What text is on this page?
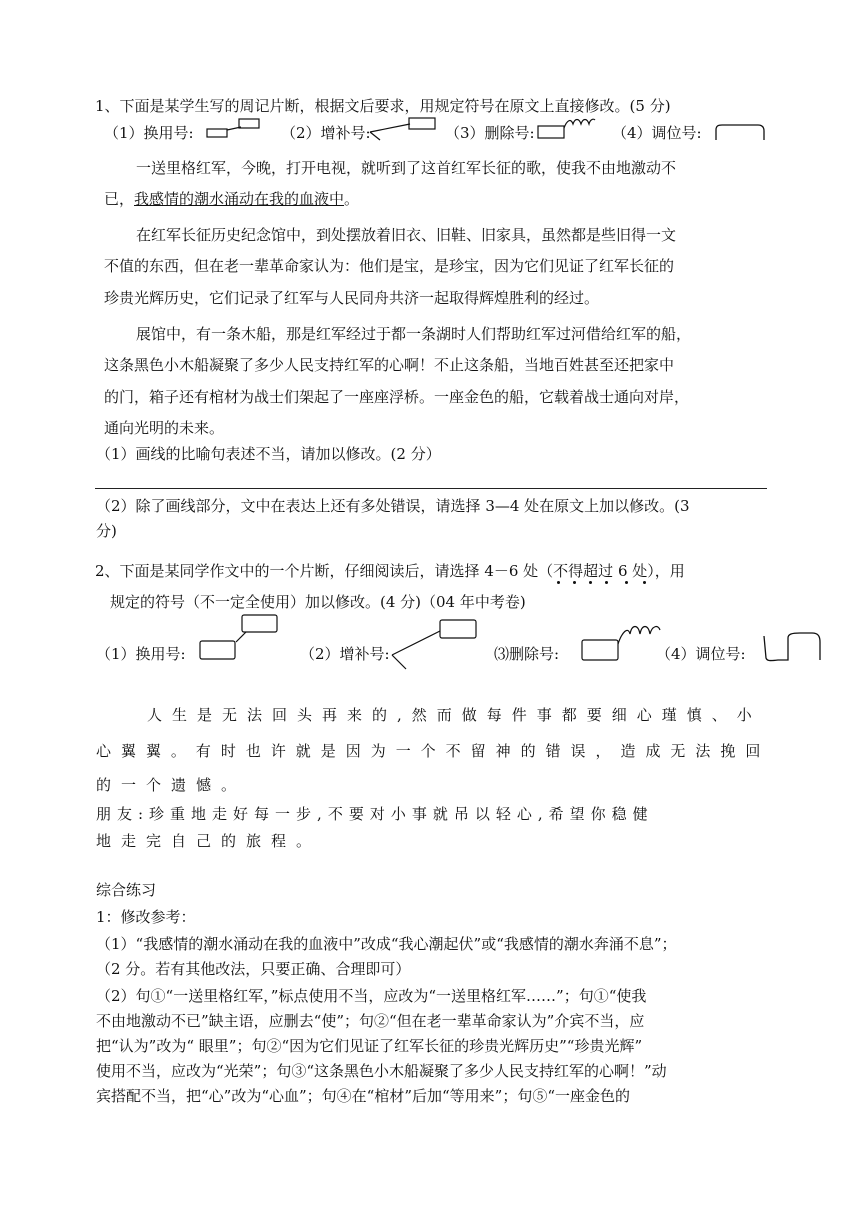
1、下面是某学生写的周记片断，根据文后要求，用规定符号在原文上直接修改。(5 分)
（1）换用号:	（2）增补号:	（3）删除号:	（4）调位号:
一送里格红军，今晚，打开电视，就听到了这首红军长征的歌，使我不由地激动不
已，我感情的潮水涌动在我的血液中。
在红军长征历史纪念馆中，到处摆放着旧衣、旧鞋、旧家具，虽然都是些旧得一文
不值的东西，但在老一辈革命家认为：他们是宝，是珍宝，因为它们见证了红军长征的
珍贵光辉历史，它们记录了红军与人民同舟共济一起取得辉煌胜利的经过。
展馆中，有一条木船，那是红军经过于都一条湖时人们帮助红军过河借给红军的船，
这条黑色小木船凝聚了多少人民支持红军的心啊！不止这条船，当地百姓甚至还把家中
的门，箱子还有棺材为战士们架起了一座座浮桥。一座金色的船，它载着战士通向对岸，
通向光明的未来。
（1）画线的比喻句表述不当，请加以修改。(2 分）
（2）除了画线部分，文中在表达上还有多处错误，请选择 3—4 处在原文上加以修改。(3
分)
2、下面是某同学作文中的一个片断，仔细阅读后，请选择 4－6 处（不得超过 6 处
），用
规定的符号（不一定全使用）加以修改。(4 分)（04 年中考卷)
（1）换用号:	（2）增补号:	⑶删除号:	（4）调位号:
人生是无法回头再来的,然而做每件事都要细心瑾慎、小
心翼翼。有时也许就是因为一个不留神的错误，造成无法挽回
的一个遗憾。
朋友:珍重地走好每一步,不要对小事就吊以轻心,希望你稳健
地走完自己的旅程。
综合练习
1：修改参考：
（1）“我感情的潮水涌动在我的血液中”改成“我心潮起伏”或“我感情的潮水奔涌不息”；
（2 分。若有其他改法，只要正确、合理即可）
（2）句①“一送里格红军，”标点使用不当，应改为“一送里格红军……”；句①“使我
不由地激动不已”缺主语，应删去“使”；句②“但在老一辈革命家认为”介宾不当，应
把“认为”改为“ 眼里”；句②“因为它们见证了红军长征的珍贵光辉历史”“珍贵光辉”
使用不当，应改为“光荣”；句③“这条黑色小木船凝聚了多少人民支持红军的心啊！”动
宾搭配不当，把“心”改为“心血”；句④在“棺材”后加“等用来”；句⑤“一座金色的
